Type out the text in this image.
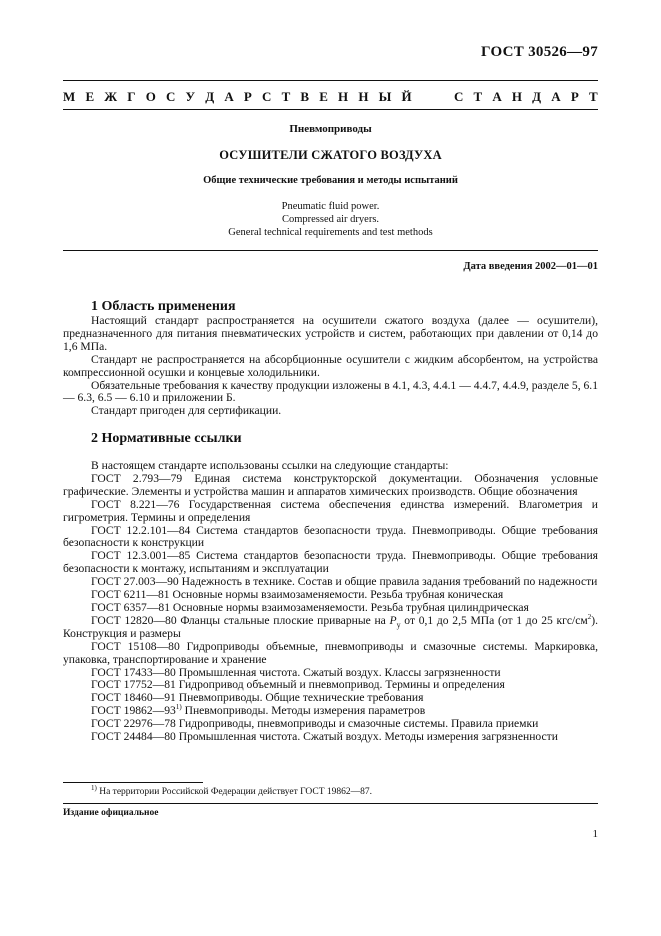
ГОСТ 30526—97
М Е Ж Г О С У Д А Р С Т В Е Н Н Ы Й	С Т А Н Д А Р Т
Пневмоприводы
ОСУШИТЕЛИ СЖАТОГО ВОЗДУХА
Общие технические требования и методы испытаний
Pneumatic fluid power.
Compressed air dryers.
General technical requirements and test methods
Дата введения 2002—01—01
1 Область применения

Настоящий стандарт распространяется на осушители сжатого воздуха (далее — осушители), предназначенного для питания пневматических устройств и систем, работающих при давлении от 0,14 до 1,6 МПа.

Стандарт не распространяется на абсорбционные осушители с жидким абсорбентом, на устройства компрессионной осушки и концевые холодильники.

Обязательные требования к качеству продукции изложены в 4.1, 4.3, 4.4.1 — 4.4.7, 4.4.9, разделе 5, 6.1 — 6.3, 6.5 — 6.10 и приложении Б.

Стандарт пригоден для сертификации.

2 Нормативные ссылки

В настоящем стандарте использованы ссылки на следующие стандарты:

ГОСТ 2.793—79 Единая система конструкторской документации. Обозначения условные графические. Элементы и устройства машин и аппаратов химических производств. Общие обозначения

ГОСТ 8.221—76 Государственная система обеспечения единства измерений. Влагометрия и гигрометрия. Термины и определения

ГОСТ 12.2.101—84 Система стандартов безопасности труда. Пневмоприводы. Общие требования безопасности к конструкции

ГОСТ 12.3.001—85 Система стандартов безопасности труда. Пневмоприводы. Общие требования безопасности к монтажу, испытаниям и эксплуатации

ГОСТ 27.003—90 Надежность в технике. Состав и общие правила задания требований по надежности

ГОСТ 6211—81 Основные нормы взаимозаменяемости. Резьба трубная коническая

ГОСТ 6357—81 Основные нормы взаимозаменяемости. Резьба трубная цилиндрическая

ГОСТ 12820—80 Фланцы стальные плоские приварные на $P_у$ от 0,1 до 2,5 МПа (от 1 до 25 кгс/$см^2$). Конструкция и размеры

ГОСТ 15108—80 Гидроприводы объемные, пневмоприводы и смазочные системы. Маркировка, упаковка, транспортирование и хранение

ГОСТ 17433—80 Промышленная чистота. Сжатый воздух. Классы загрязненности

ГОСТ 17752—81 Гидропривод объемный и пневмопривод. Термины и определения

ГОСТ 18460—91 Пневмоприводы. Общие технические требования

ГОСТ 19862—93$^{1)}$ Пневмоприводы. Методы измерения параметров

ГОСТ 22976—78 Гидроприводы, пневмоприводы и смазочные системы. Правила приемки

ГОСТ 24484—80 Промышленная чистота. Сжатый воздух. Методы измерения загрязненности

$^{1)}$ На территории Российской Федерации действует ГОСТ 19862—87.
Издание официальное
1
